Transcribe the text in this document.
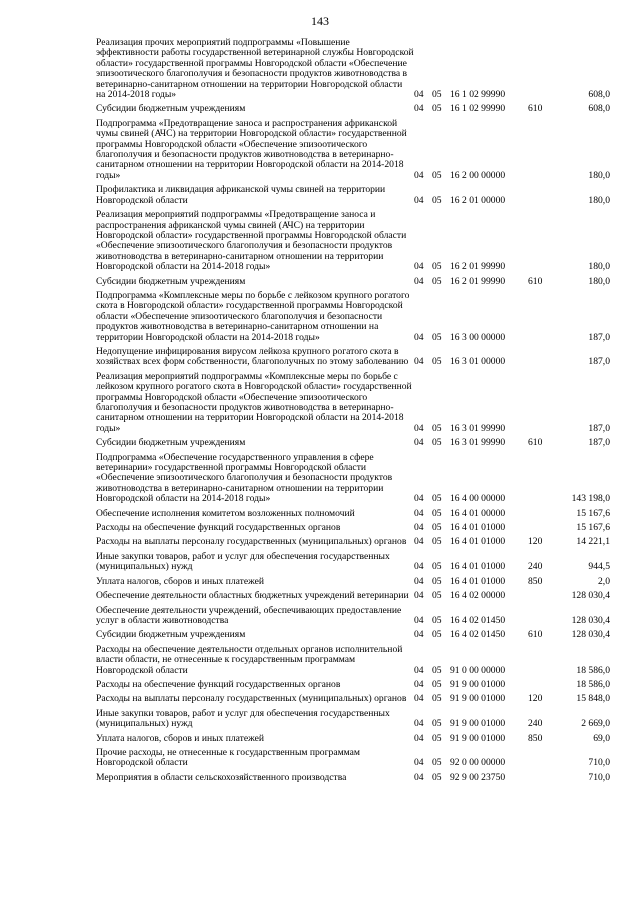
143
Реализация прочих мероприятий подпрограммы «Повышение эффективности работы государственной ветеринарной службы Новгородской области» государственной программы Новгородской области «Обеспечение эпизоотического благополучия и безопасности продуктов животноводства в ветеринарно-санитарном отношении на территории Новгородской области на 2014-2018 годы»	04	05	16 1 02 99990		608,0
Субсидии бюджетным учреждениям	04	05	16 1 02 99990	610	608,0
Подпрограмма «Предотвращение заноса и распространения африканской чумы свиней (АЧС) на территории Новгородской области» государственной программы Новгородской области «Обеспечение эпизоотического благополучия и безопасности продуктов животноводства в ветеринарно-санитарном отношении на территории Новгородской области на 2014-2018 годы»	04	05	16 2 00 00000		180,0
Профилактика и ликвидация африканской чумы свиней на территории Новгородской области	04	05	16 2 01 00000		180,0
Реализация мероприятий подпрограммы «Предотвращение заноса и распространения африканской чумы свиней (АЧС) на территории Новгородской области» государственной программы Новгородской области «Обеспечение эпизоотического благополучия и безопасности продуктов животноводства в ветеринарно-санитарном отношении на территории Новгородской области на 2014-2018 годы»	04	05	16 2 01 99990		180,0
Субсидии бюджетным учреждениям	04	05	16 2 01 99990	610	180,0
Подпрограмма «Комплексные меры по борьбе с лейкозом крупного рогатого скота в Новгородской области» государственной программы Новгородской области «Обеспечение эпизоотического благополучия и безопасности продуктов животноводства в ветеринарно-санитарном отношении на территории Новгородской области на 2014-2018 годы»	04	05	16 3 00 00000		187,0
Недопущение инфицирования вирусом лейкоза крупного рогатого скота в хозяйствах всех форм собственности, благополучных по этому заболеванию	04	05	16 3 01 00000		187,0
Реализация мероприятий подпрограммы «Комплексные меры по борьбе с лейкозом крупного рогатого скота в Новгородской области» государственной программы Новгородской области «Обеспечение эпизоотического благополучия и безопасности продуктов животноводства в ветеринарно-санитарном отношении на территории Новгородской области на 2014-2018 годы»	04	05	16 3 01 99990		187,0
Субсидии бюджетным учреждениям	04	05	16 3 01 99990	610	187,0
Подпрограмма «Обеспечение государственного управления в сфере ветеринарии» государственной программы Новгородской области «Обеспечение эпизоотического благополучия и безопасности продуктов животноводства в ветеринарно-санитарном отношении на территории Новгородской области на 2014-2018 годы»	04	05	16 4 00 00000		143 198,0
Обеспечение исполнения комитетом возложенных полномочий	04	05	16 4 01 00000		15 167,6
Расходы на обеспечение функций государственных органов	04	05	16 4 01 01000		15 167,6
Расходы на выплаты персоналу государственных (муниципальных) органов	04	05	16 4 01 01000	120	14 221,1
Иные закупки товаров, работ и услуг для обеспечения государственных (муниципальных) нужд	04	05	16 4 01 01000	240	944,5
Уплата налогов, сборов и иных платежей	04	05	16 4 01 01000	850	2,0
Обеспечение деятельности областных бюджетных учреждений ветеринарии	04	05	16 4 02 00000		128 030,4
Обеспечение деятельности учреждений, обеспечивающих предоставление услуг в области животноводства	04	05	16 4 02 01450		128 030,4
Субсидии бюджетным учреждениям	04	05	16 4 02 01450	610	128 030,4
Расходы на обеспечение деятельности отдельных органов исполнительной власти области, не отнесенные к государственным программам Новгородской области	04	05	91 0 00 00000		18 586,0
Расходы на обеспечение функций государственных органов	04	05	91 9 00 01000		18 586,0
Расходы на выплаты персоналу государственных (муниципальных) органов	04	05	91 9 00 01000	120	15 848,0
Иные закупки товаров, работ и услуг для обеспечения государственных (муниципальных) нужд	04	05	91 9 00 01000	240	2 669,0
Уплата налогов, сборов и иных платежей	04	05	91 9 00 01000	850	69,0
Прочие расходы, не отнесенные к государственным программам Новгородской области	04	05	92 0 00 00000		710,0
Мероприятия в области сельскохозяйственного производства	04	05	92 9 00 23750		710,0
